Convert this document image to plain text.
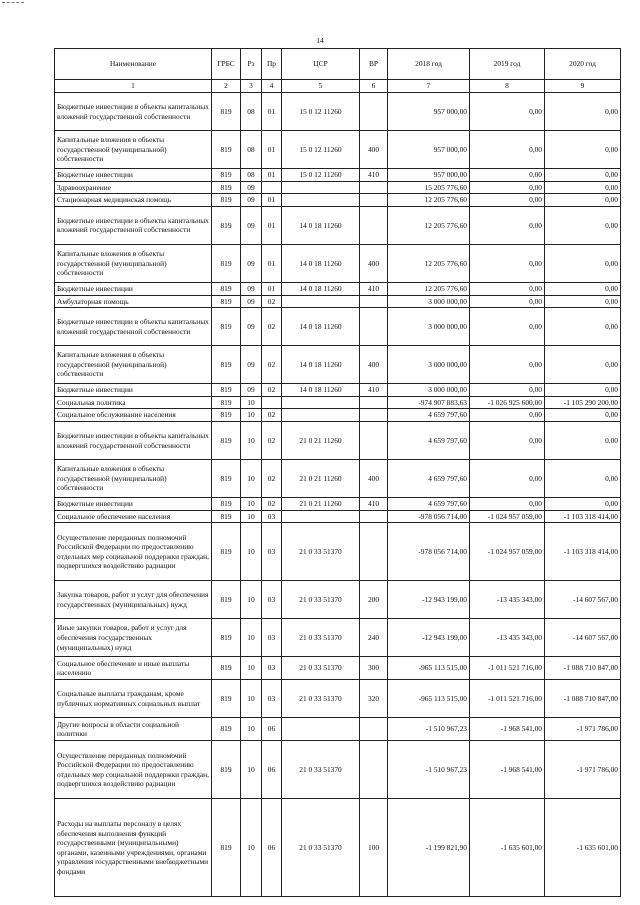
14
Наименование	ГРБС	Рз	Пр	ЦСР	ВР	2018 год	2019 год	2020 год
1	2	3	4	5	6	7	8	9
Бюджетные инвестиции в объекты капитальных вложений государственной собственности	819	08	01	15 0 12 11260		957 000,00	0,00	0,00
Капитальные вложения в объекты государственной (муниципальной) собственности	819	08	01	15 0 12 11260	400	957 000,00	0,00	0,00
Бюджетные инвестиции	819	08	01	15 0 12 11260	410	957 000,00	0,00	0,00
Здравоохранение	819	09				15 205 776,60	0,00	0,00
Стационарная медицинская помощь	819	09	01			12 205 776,60	0,00	0,00
Бюджетные инвестиции в объекты капитальных вложений государственной собственности	819	09	01	14 0 18 11260		12 205 776,60	0,00	0,00
Капитальные вложения в объекты государственной (муниципальной) собственности	819	09	01	14 0 18 11260	400	12 205 776,60	0,00	0,00
Бюджетные инвестиции	819	09	01	14 0 18 11260	410	12 205 776,60	0,00	0,00
Амбулаторная помощь	819	09	02			3 000 000,00	0,00	0,00
Бюджетные инвестиции в объекты капитальных вложений государственной собственности	819	09	02	14 0 18 11260		3 000 000,00	0,00	0,00
Капитальные вложения в объекты государственной (муниципальной) собственности	819	09	02	14 0 18 11260	400	3 000 000,00	0,00	0,00
Бюджетные инвестиции	819	09	02	14 0 18 11260	410	3 000 000,00	0,00	0,00
Социальная политика	819	10				-974 907 883,63	-1 026 925 600,00	-1 105 290 200,00
Социальное обслуживание населения	819	10	02			4 659 797,60	0,00	0,00
Бюджетные инвестиции в объекты капитальных вложений государственной собственности	819	10	02	21 0 21 11260		4 659 797,60	0,00	0,00
Капитальные вложения в объекты государственной (муниципальной) собственности	819	10	02	21 0 21 11260	400	4 659 797,60	0,00	0,00
Бюджетные инвестиции	819	10	02	21 0 21 11260	410	4 659 797,60	0,00	0,00
Социальное обеспечение населения	819	10	03			-978 056 714,00	-1 024 957 059,00	-1 103 318 414,00
Осуществление переданных полномочий Российской Федерации по предоставлению отдельных мер социальной поддержки граждан, подвергшихся воздействию радиации	819	10	03	21 0 33 51370		-978 056 714,00	-1 024 957 059,00	-1 103 318 414,00
Закупка товаров, работ и услуг для обеспечения государственных (муниципальных) нужд	819	10	03	21 0 33 51370	200	-12 943 199,00	-13 435 343,00	-14 607 567,00
Иные закупки товаров, работ и услуг для обеспечения государственных (муниципальных) нужд	819	10	03	21 0 33 51370	240	-12 943 199,00	-13 435 343,00	-14 607 567,00
Социальное обеспечение и иные выплаты населению	819	10	03	21 0 33 51370	300	-965 113 515,00	-1 011 521 716,00	-1 088 710 847,00
Социальные выплаты гражданам, кроме публичных нормативных социальных выплат	819	10	03	21 0 33 51370	320	-965 113 515,00	-1 011 521 716,00	-1 088 710 847,00
Другие вопросы в области социальной политики	819	10	06			-1 510 967,23	-1 968 541,00	-1 971 786,00
Осуществление переданных полномочий Российской Федерации по предоставлению отдельных мер социальной поддержки граждан, подвергшихся воздействию радиации	819	10	06	21 0 33 51370		-1 510 967,23	-1 968 541,00	-1 971 786,00
Расходы на выплаты персоналу в целях обеспечения выполнения функций государственными (муниципальными) органами, казенными учреждениями, органами управления государственными внебюджетными фондами	819	10	06	21 0 33 51370	100	-1 199 821,90	-1 635 601,00	-1 635 601,00
